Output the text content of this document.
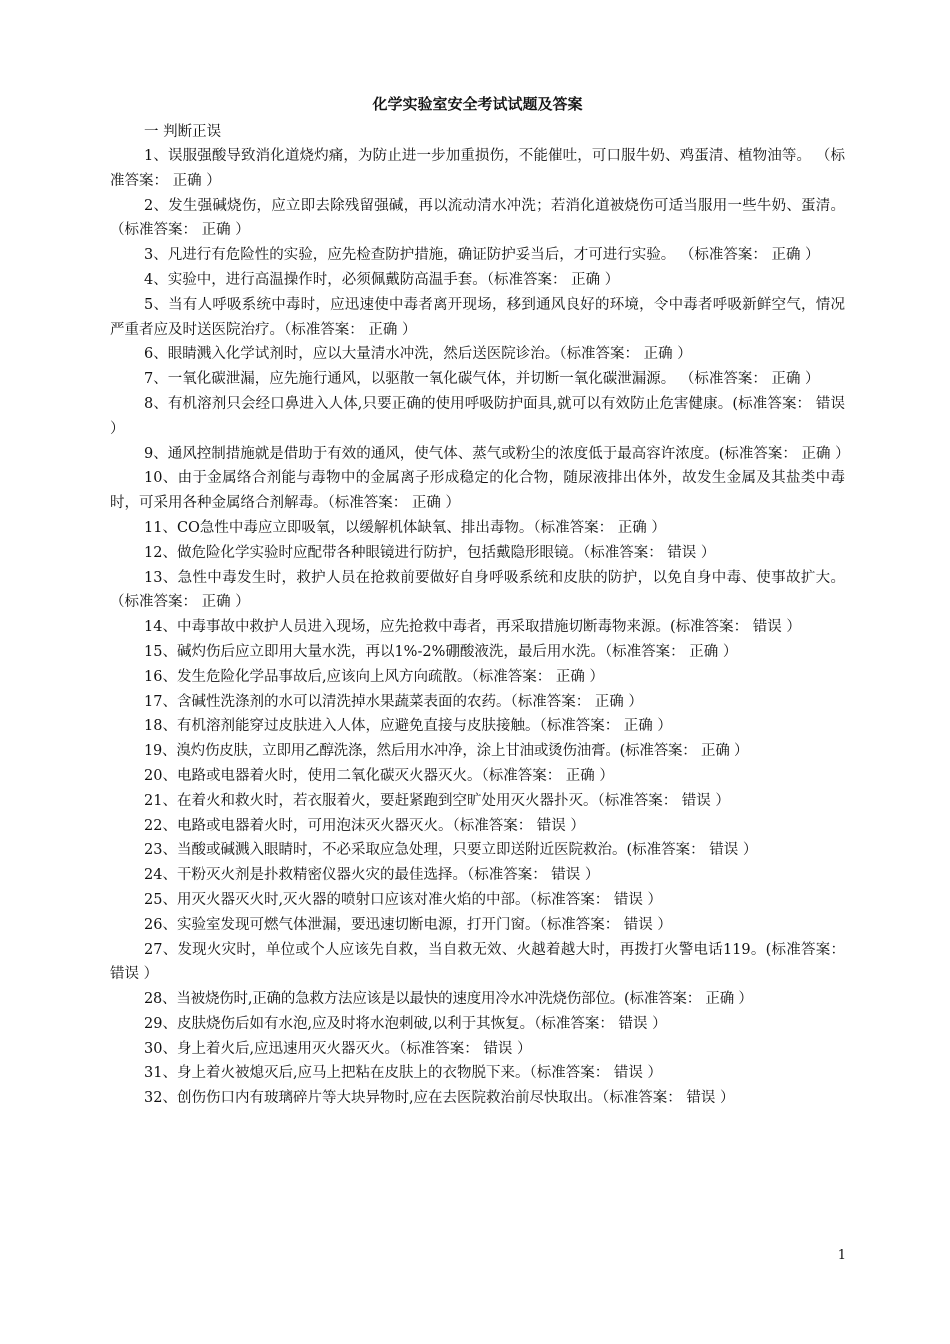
化学实验室安全考试试题及答案

一 判断正误

1、误服强酸导致消化道烧灼痛，为防止进一步加重损伤，不能催吐，可口服牛奶、鸡蛋清、植物油等。 （标准答案： 正确 ）

2、发生强碱烧伤，应立即去除残留强碱，再以流动清水冲洗；若消化道被烧伤可适当服用一些牛奶、蛋清。（标准答案： 正确 ）

3、凡进行有危险性的实验，应先检查防护措施，确证防护妥当后，才可进行实验。 （标准答案： 正确 ）

4、实验中，进行高温操作时，必须佩戴防高温手套。（标准答案： 正确 ）

5、当有人呼吸系统中毒时，应迅速使中毒者离开现场，移到通风良好的环境，令中毒者呼吸新鲜空气，情况严重者应及时送医院治疗。（标准答案： 正确 ）

6、眼睛溅入化学试剂时，应以大量清水冲洗，然后送医院诊治。（标准答案： 正确 ）

7、一氧化碳泄漏，应先施行通风，以驱散一氧化碳气体，并切断一氧化碳泄漏源。 （标准答案： 正确 ）

8、有机溶剂只会经口鼻进入人体,只要正确的使用呼吸防护面具,就可以有效防止危害健康。(标准答案： 错误 ）

9、通风控制措施就是借助于有效的通风，使气体、蒸气或粉尘的浓度低于最高容许浓度。(标准答案： 正确 ）

10、由于金属络合剂能与毒物中的金属离子形成稳定的化合物，随尿液排出体外，故发生金属及其盐类中毒时，可采用各种金属络合剂解毒。（标准答案： 正确 ）

11、CO急性中毒应立即吸氧，以缓解机体缺氧、排出毒物。（标准答案： 正确 ）

12、做危险化学实验时应配带各种眼镜进行防护，包括戴隐形眼镜。（标准答案： 错误 ）

13、急性中毒发生时，救护人员在抢救前要做好自身呼吸系统和皮肤的防护，以免自身中毒、使事故扩大。（标准答案： 正确 ）

14、中毒事故中救护人员进入现场，应先抢救中毒者，再采取措施切断毒物来源。(标准答案： 错误 ）

15、碱灼伤后应立即用大量水洗，再以1%-2%硼酸液洗，最后用水洗。（标准答案： 正确 ）

16、发生危险化学品事故后,应该向上风方向疏散。（标准答案： 正确 ）

17、含碱性洗涤剂的水可以清洗掉水果蔬菜表面的农药。（标准答案： 正确 ）

18、有机溶剂能穿过皮肤进入人体，应避免直接与皮肤接触。（标准答案： 正确 ）

19、溴灼伤皮肤，立即用乙醇洗涤，然后用水冲净，涂上甘油或烫伤油膏。(标准答案： 正确 ）

20、电路或电器着火时，使用二氧化碳灭火器灭火。（标准答案： 正确 ）

21、在着火和救火时，若衣服着火，要赶紧跑到空旷处用灭火器扑灭。（标准答案： 错误 ）

22、电路或电器着火时，可用泡沫灭火器灭火。（标准答案： 错误 ）

23、当酸或碱溅入眼睛时，不必采取应急处理，只要立即送附近医院救治。(标准答案： 错误 ）

24、干粉灭火剂是扑救精密仪器火灾的最佳选择。（标准答案： 错误 ）

25、用灭火器灭火时,灭火器的喷射口应该对准火焰的中部。（标准答案： 错误 ）

26、实验室发现可燃气体泄漏，要迅速切断电源，打开门窗。（标准答案： 错误 ）

27、发现火灾时，单位或个人应该先自救，当自救无效、火越着越大时，再拨打火警电话119。(标准答案： 错误 ）

28、当被烧伤时,正确的急救方法应该是以最快的速度用冷水冲洗烧伤部位。(标准答案： 正确 ）

29、皮肤烧伤后如有水泡,应及时将水泡刺破,以利于其恢复。（标准答案： 错误 ）

30、身上着火后,应迅速用灭火器灭火。（标准答案： 错误 ）

31、身上着火被熄灭后,应马上把粘在皮肤上的衣物脱下来。（标准答案： 错误 ）

32、创伤伤口内有玻璃碎片等大块异物时,应在去医院救治前尽快取出。（标准答案： 错误 ）

1
